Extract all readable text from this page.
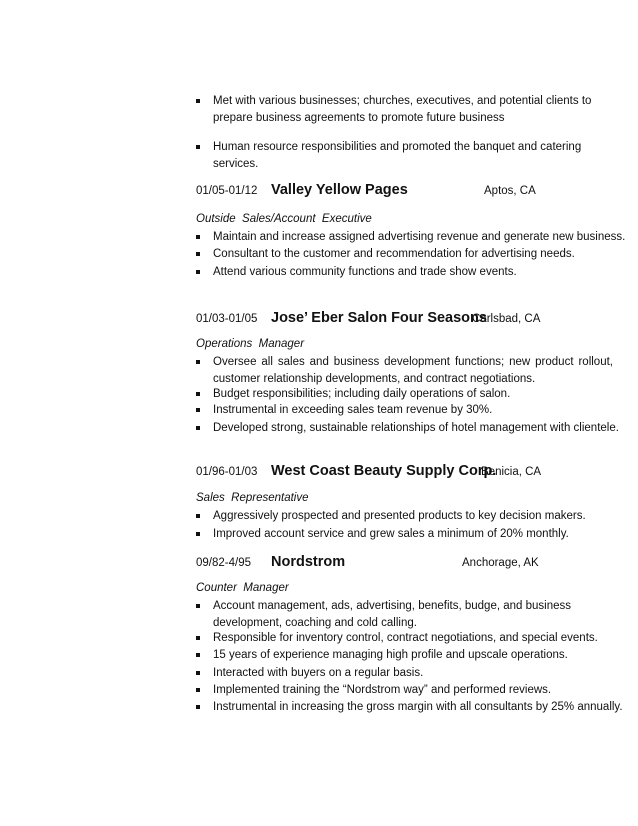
Met with various businesses; churches, executives, and potential clients to prepare business agreements to promote future business
Human resource responsibilities and promoted the banquet and catering services.
01/05-01/12 Valley Yellow Pages	Aptos, CA
Outside  Sales/Account  Executive
Maintain and increase assigned advertising revenue and generate new business.
Consultant to the customer and recommendation for advertising needs.
Attend various community functions and trade show events.
01/03-01/05 Jose’ Eber Salon Four Seasons
Carlsbad, CA
Operations  Manager
Oversee all sales and business development functions; new product rollout, customer relationship developments, and contract negotiations.
Budget responsibilities; including daily operations of salon.
Instrumental in exceeding sales team revenue by 30%.
Developed strong, sustainable relationships of hotel management with clientele.
01/96-01/03 West Coast Beauty Supply Corp.
Benicia, CA
Sales  Representative
Aggressively prospected and presented products to key decision makers.
Improved account service and grew sales a minimum of 20% monthly.
09/82-4/95 Nordstrom	Anchorage, AK
Counter  Manager
Account management, ads, advertising, benefits, budge, and business development, coaching and cold calling.
Responsible for inventory control, contract negotiations, and special events.
15 years of experience managing high profile and upscale operations.
Interacted with buyers on a regular basis.
Implemented training the “Nordstrom way” and performed reviews.
Instrumental in increasing the gross margin with all consultants by 25% annually.
